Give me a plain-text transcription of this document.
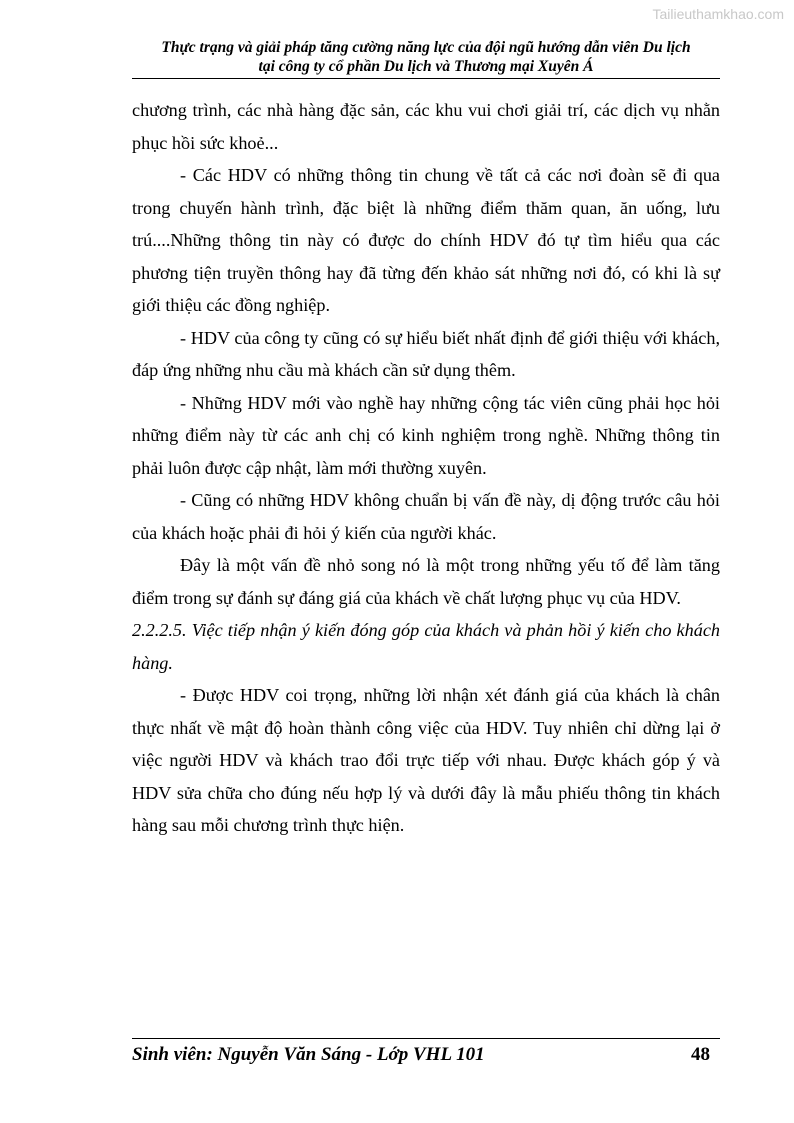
Tailieuthamkhao.com
Thực trạng và giải pháp tăng cường năng lực của đội ngũ hướng dẫn viên Du lịch
tại công ty cổ phần Du lịch và Thương mại Xuyên Á

chương trình, các nhà hàng đặc sản, các khu vui chơi giải trí, các dịch vụ nhằn phục hồi sức khoẻ...

- Các HDV có những thông tin chung về tất cả các nơi đoàn sẽ đi qua trong chuyến hành trình, đặc biệt là những điểm thăm quan, ăn uống, lưu trú....Những thông tin này có được do chính HDV đó tự tìm hiểu qua các phương tiện truyền thông hay đã từng đến khảo sát những nơi đó, có khi là sự giới thiệu các đồng nghiệp.

- HDV của công ty cũng có sự hiểu biết nhất định để giới thiệu với khách, đáp ứng những nhu cầu mà khách cần sử dụng thêm.

- Những HDV mới vào nghề hay những cộng tác viên cũng phải học hỏi những điểm này từ các anh chị có kinh nghiệm trong nghề. Những thông tin phải luôn được cập nhật, làm mới thường xuyên.

- Cũng có những HDV không chuẩn bị vấn đề này, dị động trước câu hỏi của khách hoặc phải đi hỏi ý kiến của người khác.

Đây là một vấn đề nhỏ song nó là một trong những yếu tố để làm tăng điểm trong sự đánh sự đáng giá của khách về chất lượng phục vụ của HDV.

2.2.2.5. Việc tiếp nhận ý kiến đóng góp của khách và phản hồi ý kiến cho khách hàng.

- Được HDV coi trọng, những lời nhận xét đánh giá của khách là chân thực nhất về mật độ hoàn thành công việc của HDV. Tuy nhiên chỉ dừng lại ở việc người HDV và khách trao đổi trực tiếp với nhau. Được khách góp ý và HDV sửa chữa cho đúng nếu hợp lý và dưới đây là mẫu phiếu thông tin khách hàng sau mỗi chương trình thực hiện.

Sinh viên: Nguyễn Văn Sáng - Lớp VHL 101	48
